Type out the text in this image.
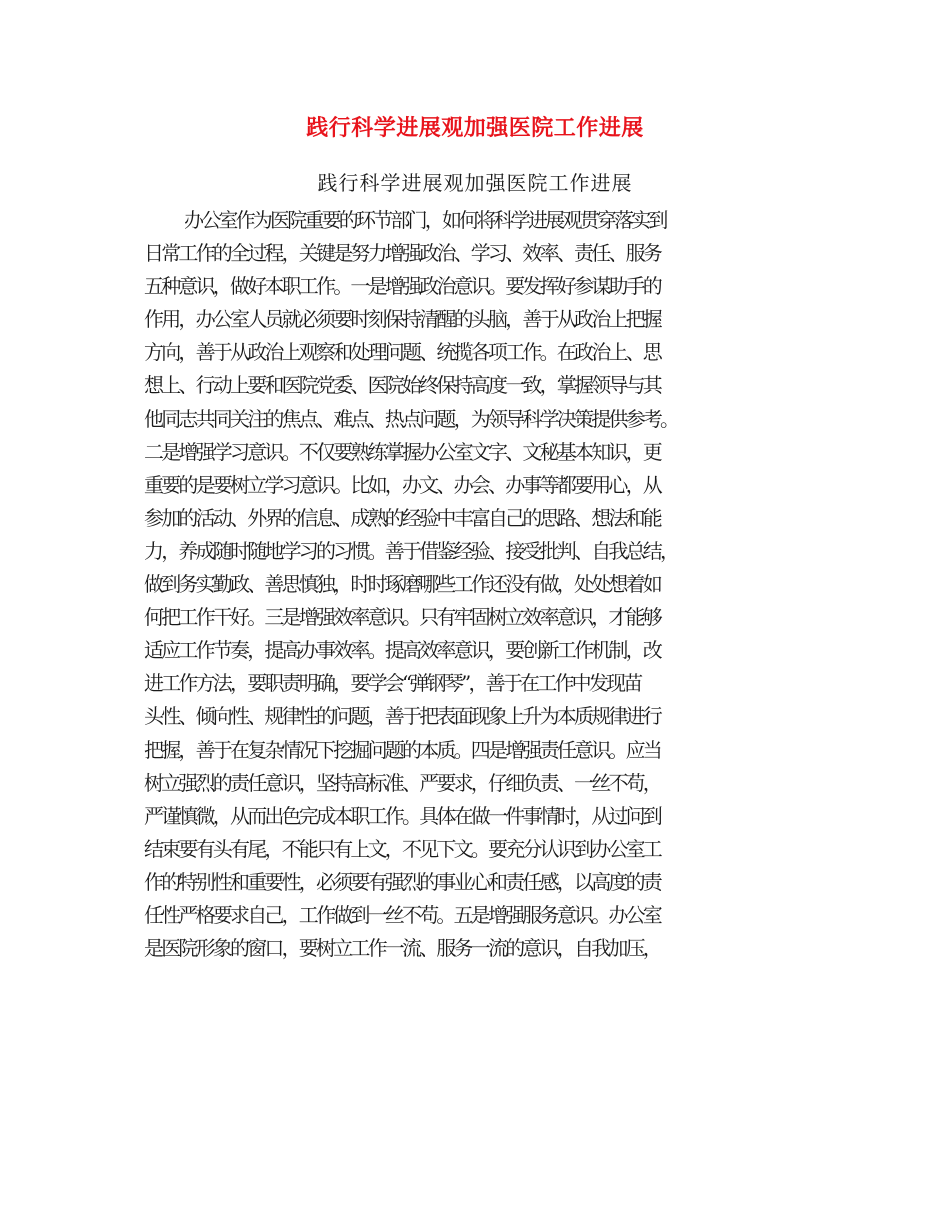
践行科学进展观加强医院工作进展
践行科学进展观加强医院工作进展
办公室作为医院重要的环节部门，如何将科学进展观贯穿落实到
日常工作的全过程，关键是努力增强政治、学习、效率、责任、服务
五种意识，做好本职工作。一是增强政治意识。要发挥好参谋助手的
作用，办公室人员就必须要时刻保持清醒的头脑，善于从政治上把握
方向，善于从政治上观察和处理问题、统揽各项工作。在政治上、思
想上、行动上要和医院党委、医院始终保持高度一致，掌握领导与其
他同志共同关注的焦点、难点、热点问题，为领导科学决策提供参考。
二是增强学习意识。不仅要熟练掌握办公室文字、文秘基本知识，更
重要的是要树立学习意识。比如，办文、办会、办事等都要用心，从
参加的活动、外界的信息、成熟的经验中丰富自己的思路、想法和能
力，养成随时随地学习的习惯。善于借鉴经验、接受批判、自我总结，
做到务实勤政、善思慎独，时时琢磨哪些工作还没有做，处处想着如
何把工作干好。三是增强效率意识。只有牢固树立效率意识，才能够
适应工作节奏，提高办事效率。提高效率意识，要创新工作机制，改
进工作方法，要职责明确，要学会“弹钢琴”，善于在工作中发现苗
头性、倾向性、规律性的问题，善于把表面现象上升为本质规律进行
把握，善于在复杂情况下挖掘问题的本质。四是增强责任意识。应当
树立强烈的责任意识，坚持高标准、严要求，仔细负责、一丝不苟，
严谨慎微，从而出色完成本职工作。具体在做一件事情时，从过问到
结束要有头有尾，不能只有上文，不见下文。要充分认识到办公室工
作的特别性和重要性，必须要有强烈的事业心和责任感，以高度的责
任性严格要求自己，工作做到一丝不苟。五是增强服务意识。办公室
是医院形象的窗口，要树立工作一流、服务一流的意识，自我加压，
